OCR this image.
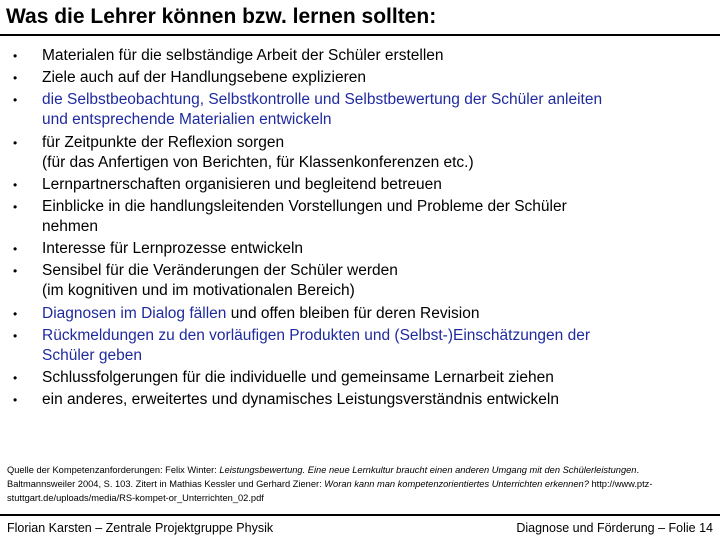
Was die Lehrer können bzw. lernen sollten:
• Materialen für die selbständige Arbeit der Schüler erstellen
• Ziele auch auf der Handlungsebene explizieren
• die Selbstbeobachtung, Selbstkontrolle und Selbstbewertung der Schüler anleiten
und entsprechende Materialien entwickeln
• für Zeitpunkte der Reflexion sorgen
(für das Anfertigen von Berichten, für Klassenkonferenzen etc.)
• Lernpartnerschaften organisieren und begleitend betreuen
• Einblicke in die handlungsleitenden Vorstellungen und Probleme der Schüler
nehmen
• Interesse für Lernprozesse entwickeln
• Sensibel für die Veränderungen der Schüler werden
(im kognitiven und im motivationalen Bereich)
• Diagnosen im Dialog fällen und offen bleiben für deren Revision
• Rückmeldungen zu den vorläufigen Produkten und (Selbst-)Einschätzungen der
Schüler geben
• Schlussfolgerungen für die individuelle und gemeinsame Lernarbeit ziehen
• ein anderes, erweitertes und dynamisches Leistungsverständnis entwickeln
Quelle der Kompetenzanforderungen: Felix Winter: Leistungsbewertung. Eine neue Lernkultur braucht einen anderen Umgang mit den Schülerleistungen.
Baltmannsweiler 2004, S. 103. Zitert in Mathias Kessler und Gerhard Ziener: Woran kann man kompetenzorientiertes Unterrichten erkennen? http://www.ptz-
stuttgart.de/uploads/media/RS-kompet-or_Unterrichten_02.pdf
Florian Karsten – Zentrale Projektgruppe Physik	Diagnose und Förderung – Folie 14
